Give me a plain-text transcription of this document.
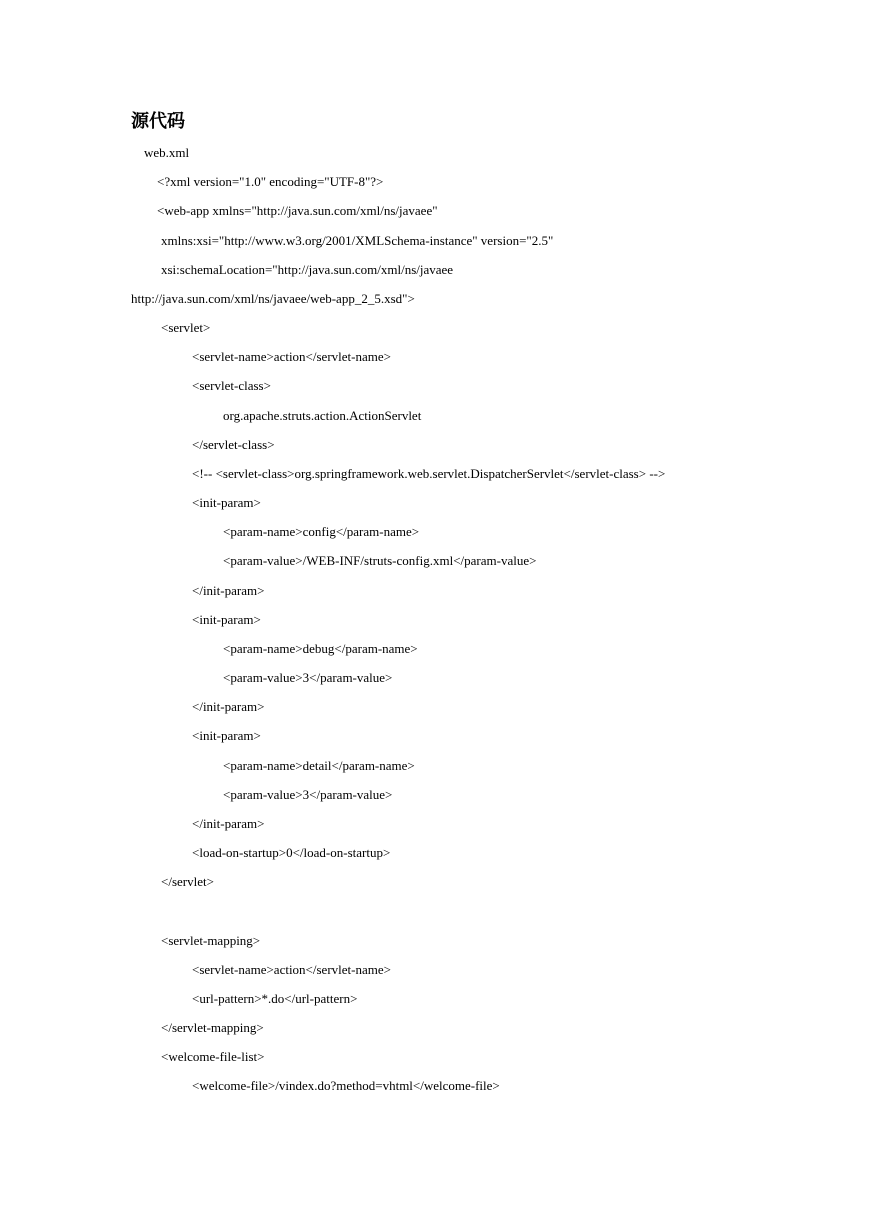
源代码
web.xml
<?xml version="1.0" encoding="UTF-8"?>
<web-app xmlns="http://java.sun.com/xml/ns/javaee"
xmlns:xsi="http://www.w3.org/2001/XMLSchema-instance" version="2.5"
xsi:schemaLocation="http://java.sun.com/xml/ns/javaee
http://java.sun.com/xml/ns/javaee/web-app_2_5.xsd">
<servlet>
<servlet-name>action</servlet-name>
<servlet-class>
org.apache.struts.action.ActionServlet
</servlet-class>
<!-- <servlet-class>org.springframework.web.servlet.DispatcherServlet</servlet-class> -->
<init-param>
<param-name>config</param-name>
<param-value>/WEB-INF/struts-config.xml</param-value>
</init-param>
<init-param>
<param-name>debug</param-name>
<param-value>3</param-value>
</init-param>
<init-param>
<param-name>detail</param-name>
<param-value>3</param-value>
</init-param>
<load-on-startup>0</load-on-startup>
</servlet>
<servlet-mapping>
<servlet-name>action</servlet-name>
<url-pattern>*.do</url-pattern>
</servlet-mapping>
<welcome-file-list>
<welcome-file>/vindex.do?method=vhtml</welcome-file>
